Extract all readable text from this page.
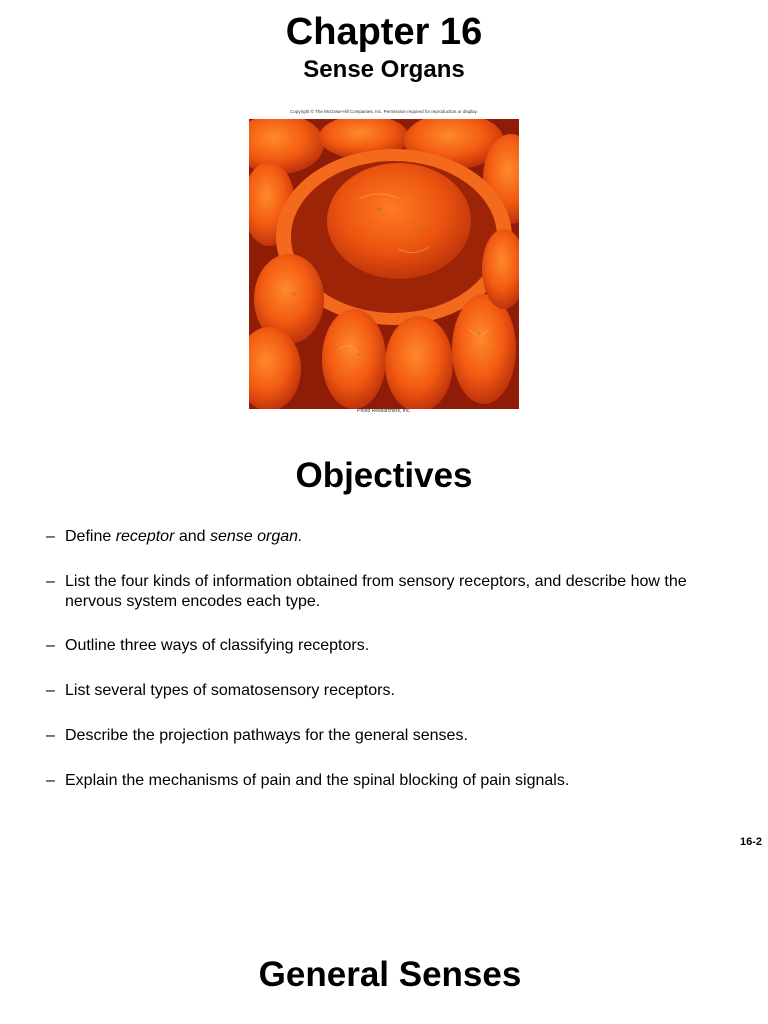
Chapter 16
Sense Organs
Copyright © The McGraw-Hill Companies, Inc. Permission required for reproduction or display.
Photo Researchers, Inc.
Objectives
– Define receptor and sense organ.
– List the four kinds of information obtained from sensory receptors, and describe how the nervous system encodes each type.
– Outline three ways of classifying receptors.
– List several types of somatosensory receptors.
– Describe the projection pathways for the general senses.
– Explain the mechanisms of pain and the spinal blocking of pain signals.
16-2
General Senses
